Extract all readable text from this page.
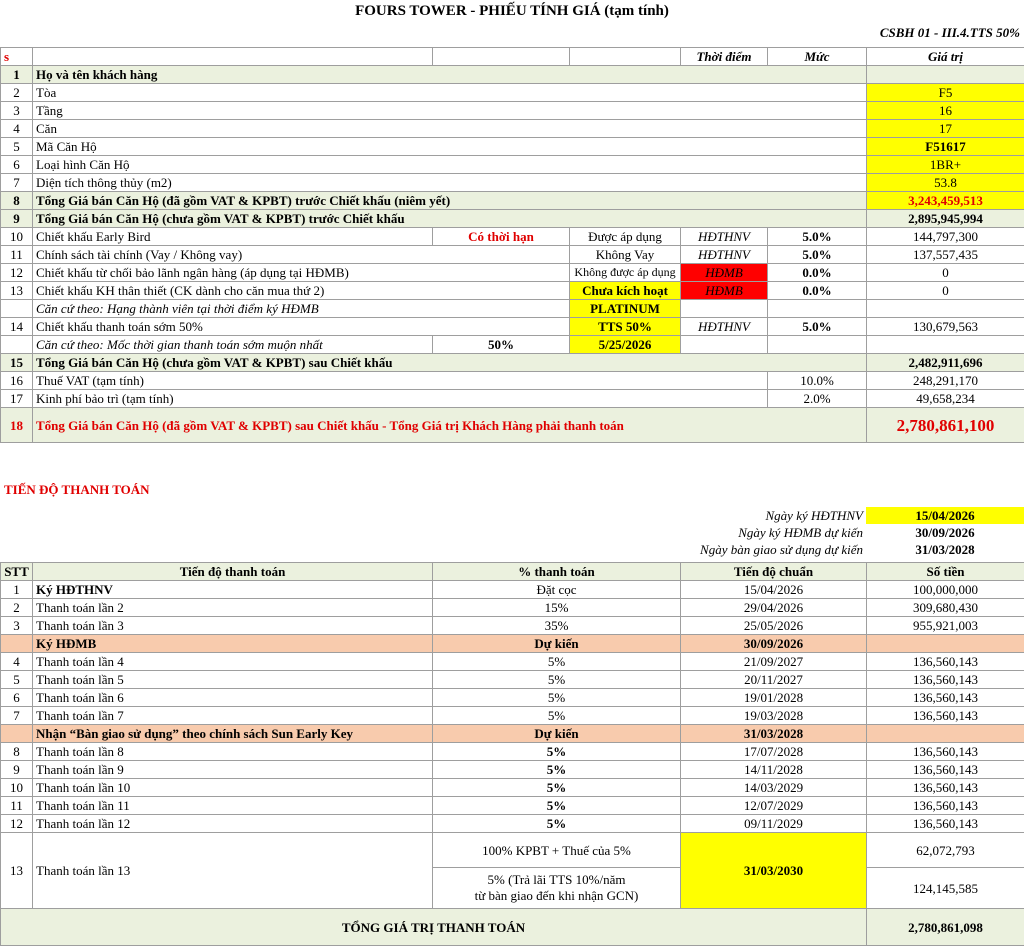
FOURS TOWER - PHIẾU TÍNH GIÁ (tạm tính)
CSBH 01 - III.4.TTS 50%
s				Thời điểm	Mức	Giá trị
1	Họ và tên khách hàng					
2	Tòa					F5
3	Tầng					16
4	Căn					17
5	Mã Căn Hộ					F51617
6	Loại hình Căn Hộ					1BR+
7	Diện tích thông thủy (m2)					53.8
8	Tổng Giá bán Căn Hộ (đã gồm VAT & KPBT) trước Chiết khấu (niêm yết)					3,243,459,513
9	Tổng Giá bán Căn Hộ (chưa gồm VAT & KPBT) trước Chiết khấu					2,895,945,994
10	Chiết khấu Early Bird	Có thời hạn	Được áp dụng	HĐTHNV	5.0%	144,797,300
11	Chính sách tài chính (Vay / Không vay)		Không Vay	HĐTHNV	5.0%	137,557,435
12	Chiết khấu từ chối bảo lãnh ngân hàng (áp dụng tại HĐMB)		Không được áp dụng	HĐMB	0.0%	0
13	Chiết khấu KH thân thiết (CK dành cho căn mua thứ 2)		Chưa kích hoạt	HĐMB	0.0%	0
	Căn cứ theo: Hạng thành viên tại thời điểm ký HĐMB		PLATINUM			
14	Chiết khấu thanh toán sớm 50%		TTS 50%	HĐTHNV	5.0%	130,679,563
	Căn cứ theo: Mốc thời gian thanh toán sớm muộn nhất	50%	5/25/2026			
15	Tổng Giá bán Căn Hộ (chưa gồm VAT & KPBT) sau Chiết khấu					2,482,911,696
16	Thuế VAT (tạm tính)				10.0%	248,291,170
17	Kinh phí bảo trì (tạm tính)				2.0%	49,658,234
18	Tổng Giá bán Căn Hộ (đã gồm VAT & KPBT) sau Chiết khấu - Tổng Giá trị Khách Hàng phải thanh toán					2,780,861,100
TIẾN ĐỘ THANH TOÁN
Ngày ký HĐTHNV	15/04/2026
Ngày ký HĐMB dự kiến	30/09/2026
Ngày bàn giao sử dụng dự kiến	31/03/2028
STT	Tiến độ thanh toán	% thanh toán	Tiến độ chuẩn	Số tiền
1	Ký HĐTHNV	Đặt cọc	15/04/2026	100,000,000
2	Thanh toán lần 2	15%	29/04/2026	309,680,430
3	Thanh toán lần 3	35%	25/05/2026	955,921,003
	Ký HĐMB	Dự kiến	30/09/2026	
4	Thanh toán lần 4	5%	21/09/2027	136,560,143
5	Thanh toán lần 5	5%	20/11/2027	136,560,143
6	Thanh toán lần 6	5%	19/01/2028	136,560,143
7	Thanh toán lần 7	5%	19/03/2028	136,560,143
	Nhận “Bàn giao sử dụng” theo chính sách Sun Early Key	Dự kiến	31/03/2028	
8	Thanh toán lần 8	5%	17/07/2028	136,560,143
9	Thanh toán lần 9	5%	14/11/2028	136,560,143
10	Thanh toán lần 10	5%	14/03/2029	136,560,143
11	Thanh toán lần 11	5%	12/07/2029	136,560,143
12	Thanh toán lần 12	5%	09/11/2029	136,560,143
13	Thanh toán lần 13	100% KPBT + Thuế của 5%	31/03/2030	62,072,793

		5% (Trả lãi TTS 10%/năm
từ bàn giao đến khi nhận GCN)		124,145,585
TỔNG GIÁ TRỊ THANH TOÁN				2,780,861,098
